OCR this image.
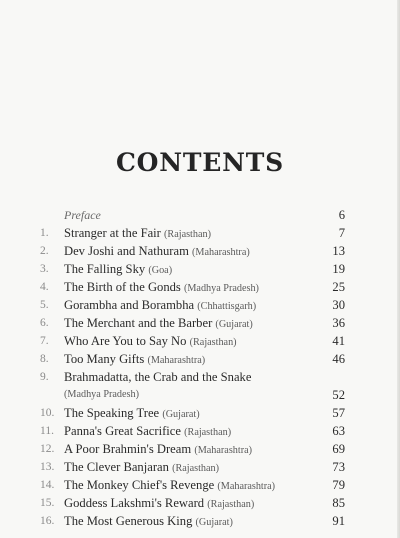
CONTENTS
Preface	6
1.	Stranger at the Fair (Rajasthan)	7
2.	Dev Joshi and Nathuram (Maharashtra)	13
3.	The Falling Sky (Goa)	19
4.	The Birth of the Gonds (Madhya Pradesh)	25
5.	Gorambha and Borambha (Chhattisgarh)	30
6.	The Merchant and the Barber (Gujarat)	36
7.	Who Are You to Say No (Rajasthan)	41
8.	Too Many Gifts (Maharashtra)	46
9.	Brahmadatta, the Crab and the Snake
(Madhya Pradesh)	52
10. The Speaking Tree (Gujarat)	57
11. Panna's Great Sacrifice (Rajasthan)	63
12. A Poor Brahmin's Dream (Maharashtra)	69
13. The Clever Banjaran (Rajasthan)	73
14. The Monkey Chief's Revenge (Maharashtra)	79
15. Goddess Lakshmi's Reward (Rajasthan)	85
16. The Most Generous King (Gujarat)	91
